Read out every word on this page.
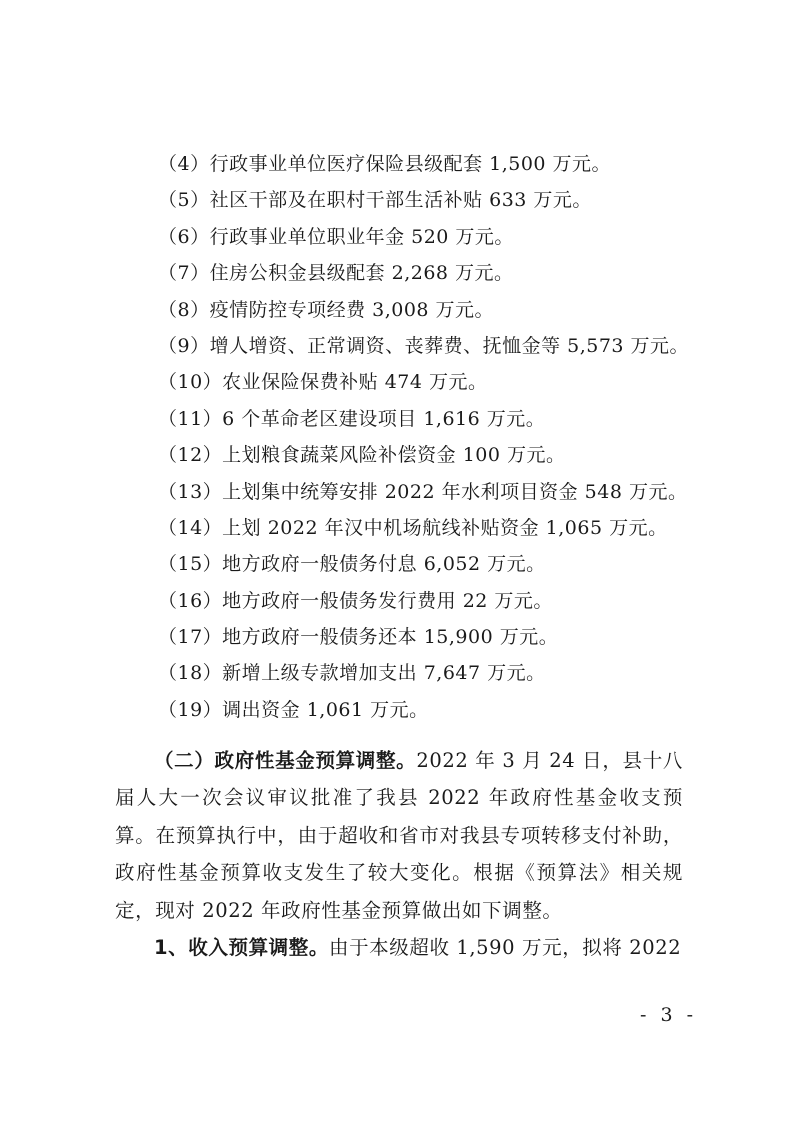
（4）行政事业单位医疗保险县级配套 1,500 万元。
（5）社区干部及在职村干部生活补贴 633 万元。
（6）行政事业单位职业年金 520 万元。
（7）住房公积金县级配套 2,268 万元。
（8）疫情防控专项经费 3,008 万元。
（9）增人增资、正常调资、丧葬费、抚恤金等 5,573 万元。
（10）农业保险保费补贴 474 万元。
（11）6 个革命老区建设项目 1,616 万元。
（12）上划粮食蔬菜风险补偿资金 100 万元。
（13）上划集中统筹安排 2022 年水利项目资金 548 万元。
（14）上划 2022 年汉中机场航线补贴资金 1,065 万元。
（15）地方政府一般债务付息 6,052 万元。
（16）地方政府一般债务发行费用 22 万元。
（17）地方政府一般债务还本 15,900 万元。
（18）新增上级专款增加支出 7,647 万元。
（19）调出资金 1,061 万元。

（二）政府性基金预算调整。2022 年 3 月 24 日，县十八届人大一次会议审议批准了我县 2022 年政府性基金收支预算。在预算执行中，由于超收和省市对我县专项转移支付补助，政府性基金预算收支发生了较大变化。根据《预算法》相关规定，现对 2022 年政府性基金预算做出如下调整。

1、收入预算调整。由于本级超收 1,590 万元，拟将 2022

- 3 -
